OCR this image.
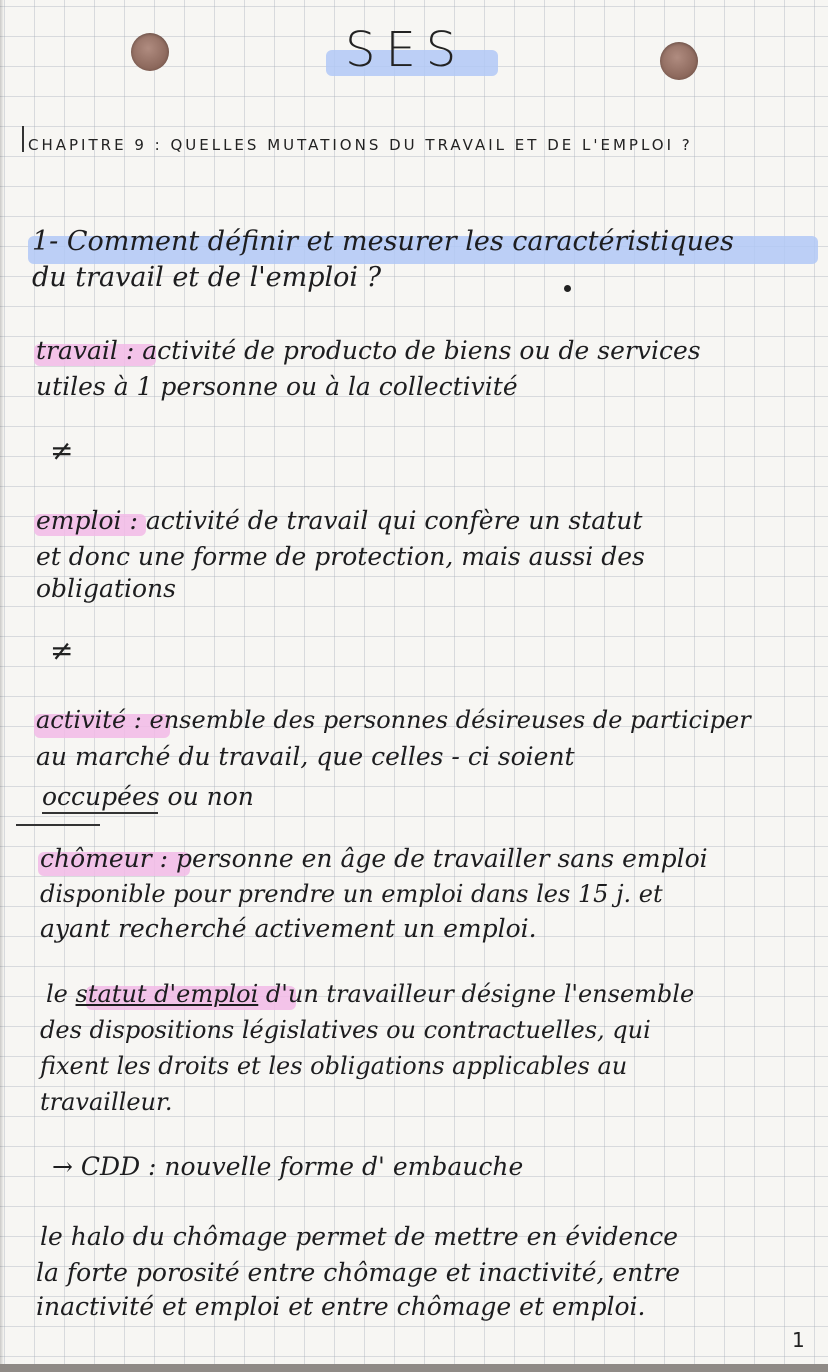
SES
CHAPITRE 9 : QUELLES MUTATIONS DU TRAVAIL ET DE L'EMPLOI ?
1- Comment définir et mesurer les caractéristiques
du travail et de l'emploi ?
travail : activité de producto de biens ou de services
utiles à 1 personne ou à la collectivité
≠
emploi : activité de travail qui confère un statut
et donc une forme de protection, mais aussi des
obligations
≠
activité : ensemble des personnes désireuses de participer
au marché du travail, que celles - ci soient
occupées ou non
chômeur : personne en âge de travailler sans emploi
disponible pour prendre un emploi dans les 15 j. et
ayant recherché activement un emploi.
le statut d'emploi d'un travailleur désigne l'ensemble
des dispositions législatives ou contractuelles, qui
fixent les droits et les obligations applicables au
travailleur.
→ CDD : nouvelle forme d' embauche
le halo du chômage permet de mettre en évidence
la forte porosité entre chômage et inactivité, entre
inactivité et emploi et entre chômage et emploi.
1
